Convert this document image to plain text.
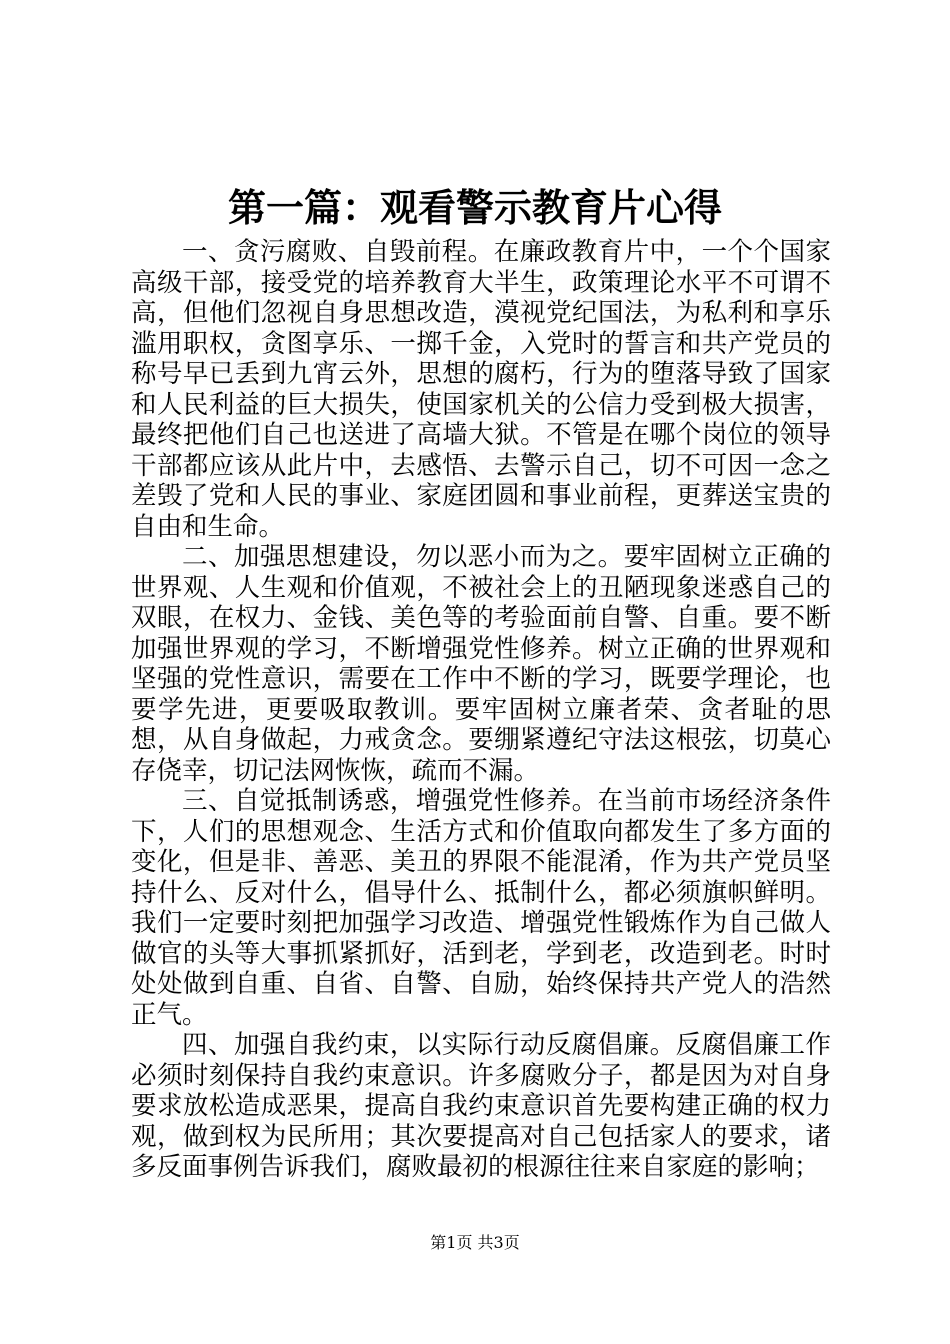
第一篇：观看警示教育片心得

一、贪污腐败、自毁前程。在廉政教育片中，一个个国家高级干部，接受党的培养教育大半生，政策理论水平不可谓不高，但他们忽视自身思想改造，漠视党纪国法，为私利和享乐滥用职权，贪图享乐、一掷千金，入党时的誓言和共产党员的称号早已丢到九宵云外，思想的腐朽，行为的堕落导致了国家和人民利益的巨大损失，使国家机关的公信力受到极大损害，最终把他们自己也送进了高墙大狱。不管是在哪个岗位的领导干部都应该从此片中，去感悟、去警示自己，切不可因一念之差毁了党和人民的事业、家庭团圆和事业前程，更葬送宝贵的自由和生命。

二、加强思想建设，勿以恶小而为之。要牢固树立正确的世界观、人生观和价值观，不被社会上的丑陋现象迷惑自己的双眼，在权力、金钱、美色等的考验面前自警、自重。要不断加强世界观的学习，不断增强党性修养。树立正确的世界观和坚强的党性意识，需要在工作中不断的学习，既要学理论，也要学先进，更要吸取教训。要牢固树立廉者荣、贪者耻的思想，从自身做起，力戒贪念。要绷紧遵纪守法这根弦，切莫心存侥幸，切记法网恢恢，疏而不漏。

三、自觉抵制诱惑，增强党性修养。在当前市场经济条件下，人们的思想观念、生活方式和价值取向都发生了多方面的变化，但是非、善恶、美丑的界限不能混淆，作为共产党员坚持什么、反对什么，倡导什么、抵制什么，都必须旗帜鲜明。我们一定要时刻把加强学习改造、增强党性锻炼作为自己做人做官的头等大事抓紧抓好，活到老，学到老，改造到老。时时处处做到自重、自省、自警、自励，始终保持共产党人的浩然正气。

四、加强自我约束，以实际行动反腐倡廉。反腐倡廉工作必须时刻保持自我约束意识。许多腐败分子，都是因为对自身要求放松造成恶果，提高自我约束意识首先要构建正确的权力观，做到权为民所用；其次要提高对自己包括家人的要求，诸多反面事例告诉我们，腐败最初的根源往往来自家庭的影响；

第1页 共3页
